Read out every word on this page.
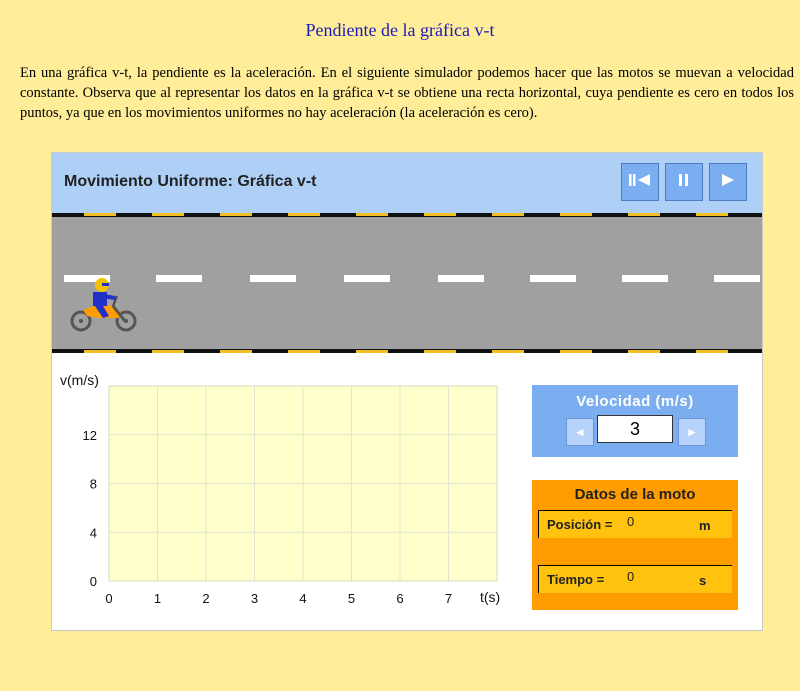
Pendiente de la gráfica v-t
En una gráfica v-t, la pendiente es la aceleración. En el siguiente simulador podemos hacer que las motos se muevan a velocidad constante. Observa que al representar los datos en la gráfica v-t se obtiene una recta horizontal, cuya pendiente es cero en todos los puntos, ya que en los movimientos uniformes no hay aceleración (la aceleración es cero).
Movimiento Uniforme: Gráfica v-t
v(m/s)
t(s)
0	1	2	3	4	5	6	7
0
4
8
12
Velocidad (m/s)
◄	3	►
Datos de la moto
Posición = 0	m
Tiempo = 0	s
